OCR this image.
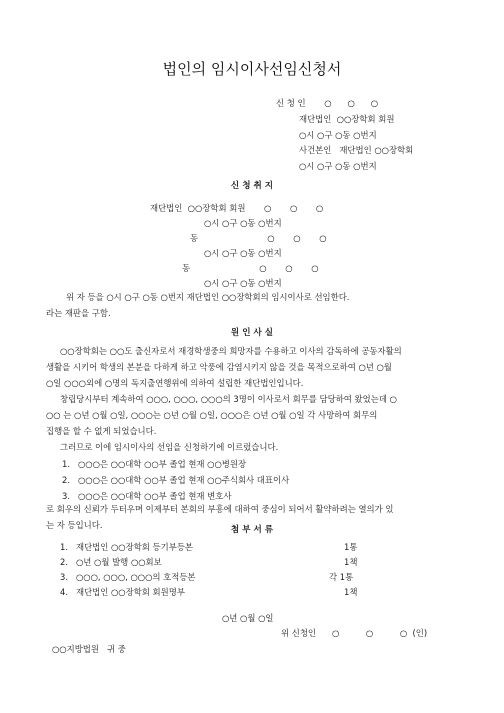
법인의 임시이사선임신청서
신 청 인       ○      ○      ○
재단법인  ○○장학회 회원
○시 ○구 ○동 ○번지
사건본인   재단법인 ○○장학회
○시 ○구 ○동 ○번지
신 청 취 지
재단법인  ○○장학회 회원       ○       ○       ○
○시 ○구 ○동 ○번지
동                          ○       ○       ○
○시 ○구 ○동 ○번지
동                          ○       ○       ○
○시 ○구 ○동 ○번지
위 자 등을 ○시 ○구 ○동 ○번지 재단법인 ○○장학회의 임시이사로 선임한다.
라는 재판을 구함.
원 인 사 실
○○장학회는 ○○도 출신자로서 재경학생중의 희망자를 수용하고 이사의 감독하에 공동자활의
생활을 시키어 학생의 본분을 다하게 하고 악풍에 감염시키지 않을 것을 목적으로하여 ○년 ○월
○일 ○○○외에 ○명의 독지출연행위에 의하여 설립한 재단법인입니다.
창립당시부터 계속하여 ○○○, ○○○, ○○○의 3명이 이사로서 회무를 담당하여 왔었는데 ○
○○ 는 ○년 ○월 ○일, ○○○는 ○년 ○월 ○일, ○○○은 ○년 ○월 ○일 각 사망하여 회무의
집행을 할 수 없게 되었습니다.
그러므로 이에 임시이사의 선임을 신청하기에 이르렀습니다.
1.   ○○○은 ○○대학 ○○부 졸업 현재 ○○병원장
2.   ○○○은 ○○대학 ○○부 졸업 현재 ○○주식회사 대표이사
3.   ○○○은 ○○대학 ○○부 졸업 현재 변호사
로 회우의 신뢰가 두터우며 이제부터 본회의 부흥에 대하여 중심이 되어서 활약하려는 열의가 있
는 자 등입니다.	첨 부 서 류
1.   재단법인 ○○장학회 등기부등본	1통
2.   ○년 ○월 발행 ○○회보	1책
3.   ○○○, ○○○, ○○○의 호적등본	각 1통
4.   재단법인 ○○장학회 회원명부	1책
○년 ○월 ○일
위 신청인      ○          ○          ○  (인)
○○지방법원   귀 중
